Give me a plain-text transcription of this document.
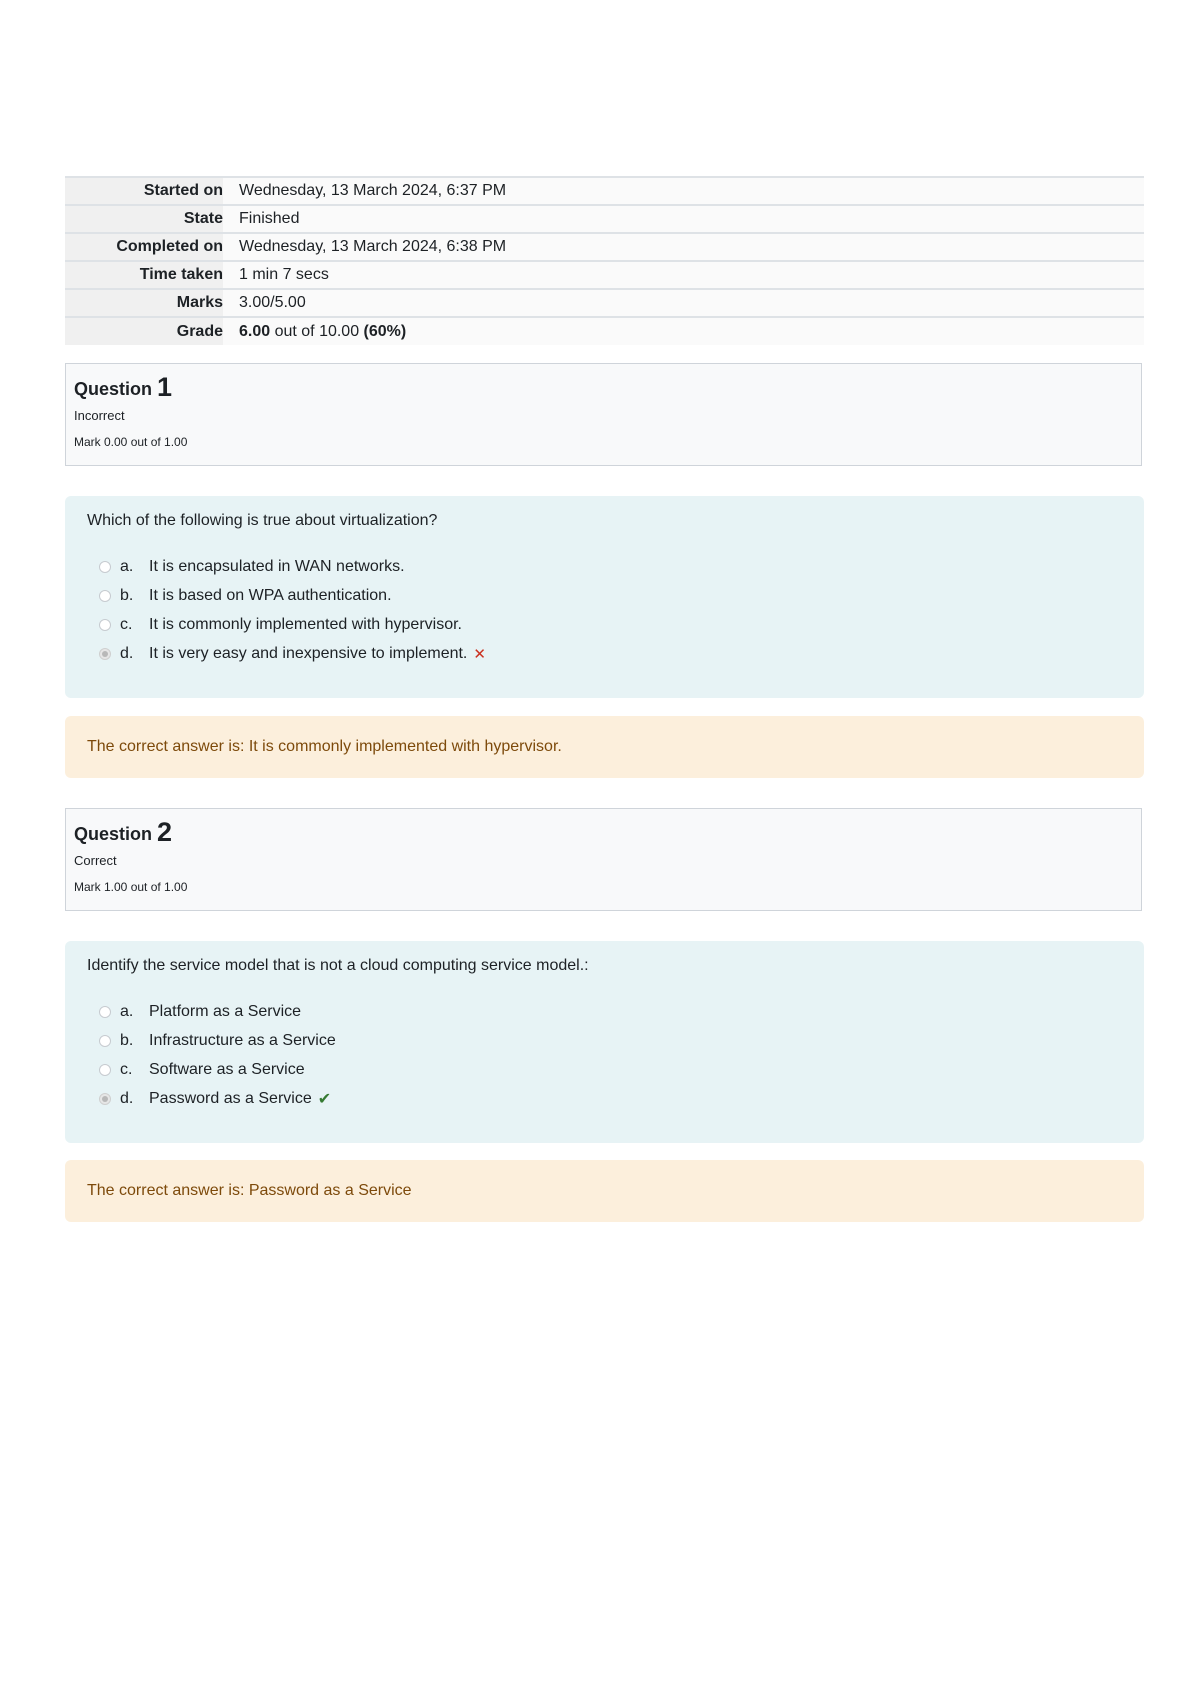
Started on	Wednesday, 13 March 2024, 6:37 PM
State	Finished
Completed on	Wednesday, 13 March 2024, 6:38 PM
Time taken	1 min 7 secs
Marks	3.00/5.00
Grade	6.00 out of 10.00 (60%)
Question 1
Incorrect
Mark 0.00 out of 1.00
Which of the following is true about virtualization?
a. It is encapsulated in WAN networks.
b. It is based on WPA authentication.
c.	It is commonly implemented with hypervisor.
d. It is very easy and inexpensive to implement. ✕
The correct answer is: It is commonly implemented with hypervisor.
Question 2
Correct
Mark 1.00 out of 1.00
Identify the service model that is not a cloud computing service model.:
a. Platform as a Service
b. Infrastructure as a Service
c.	Software as a Service
d. Password as a Service ✔
The correct answer is: Password as a Service
